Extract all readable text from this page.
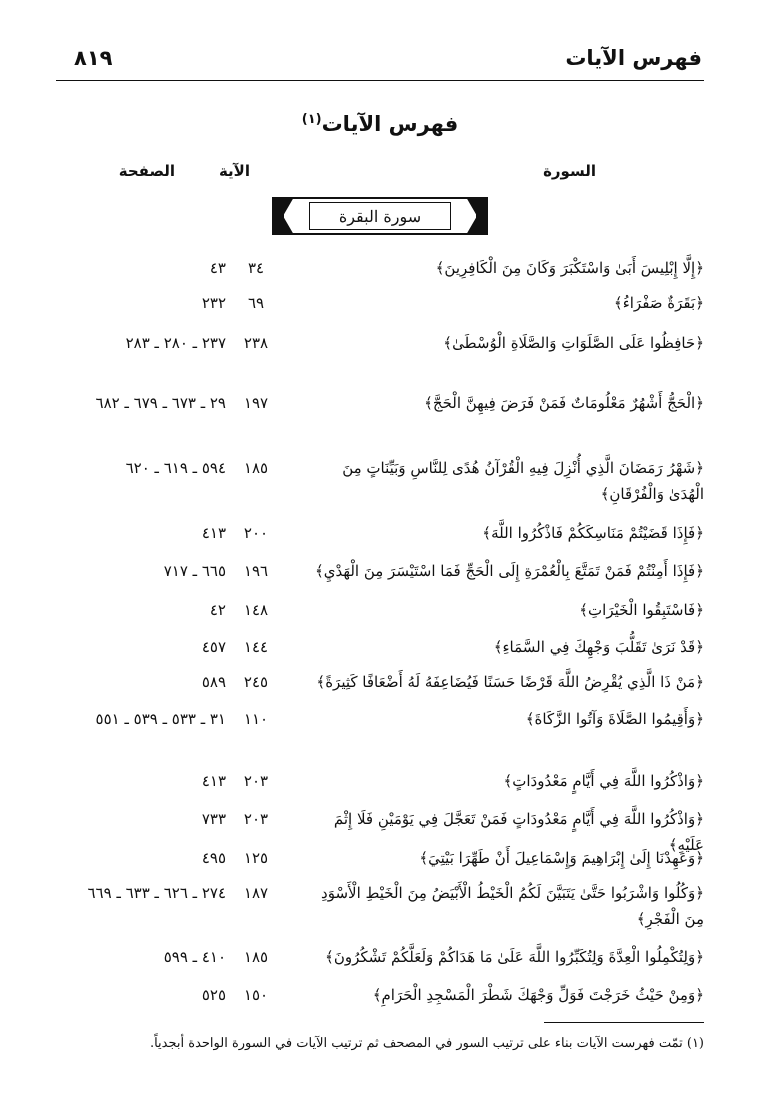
فهرس الآيات
٨١٩
فهرس الآيات$^{(١)}$
السورة
الآية
الصفحة
سورة البقرة
﴿إِلَّا إِبْلِيسَ أَبَىٰ وَاسْتَكْبَرَ وَكَانَ مِنَ الْكَافِرِينَ﴾
٣٤
٤٣
﴿بَقَرَةٌ صَفْرَاءُ﴾
٦٩
٢٣٢
﴿حَافِظُوا عَلَى الصَّلَوَاتِ وَالصَّلَاةِ الْوُسْطَىٰ﴾
٢٣٨
٢٣٧ ـ ٢٨٠ ـ ٢٨٣
﴿الْحَجُّ أَشْهُرٌ مَعْلُومَاتٌ فَمَنْ فَرَضَ فِيهِنَّ الْحَجَّ﴾
١٩٧
٢٩ ـ ٦٧٣ ـ ٦٧٩ ـ ٦٨٢
﴿شَهْرُ رَمَضَانَ الَّذِي أُنْزِلَ فِيهِ الْقُرْآنُ هُدًى لِلنَّاسِ وَبَيِّنَاتٍ مِنَ الْهُدَىٰ وَالْفُرْقَانِ﴾
١٨٥
٥٩٤ ـ ٦١٩ ـ ٦٢٠
﴿فَإِذَا قَضَيْتُمْ مَنَاسِكَكُمْ فَاذْكُرُوا اللَّهَ﴾
٢٠٠
٤١٣
﴿فَإِذَا أَمِنْتُمْ فَمَنْ تَمَتَّعَ بِالْعُمْرَةِ إِلَى الْحَجِّ فَمَا اسْتَيْسَرَ مِنَ الْهَدْيِ﴾
١٩٦
٦٦٥ ـ ٧١٧
﴿فَاسْتَبِقُوا الْخَيْرَاتِ﴾
١٤٨
٤٢
﴿قَدْ نَرَىٰ تَقَلُّبَ وَجْهِكَ فِي السَّمَاءِ﴾
١٤٤
٤٥٧
﴿مَنْ ذَا الَّذِي يُقْرِضُ اللَّهَ قَرْضًا حَسَنًا فَيُضَاعِفَهُ لَهُ أَضْعَافًا كَثِيرَةً﴾
٢٤٥
٥٨٩
﴿وَأَقِيمُوا الصَّلَاةَ وَآتُوا الزَّكَاةَ﴾
١١٠
٣١ ـ ٥٣٣ ـ ٥٣٩ ـ ٥٥١
﴿وَاذْكُرُوا اللَّهَ فِي أَيَّامٍ مَعْدُودَاتٍ﴾
٢٠٣
٤١٣
﴿وَاذْكُرُوا اللَّهَ فِي أَيَّامٍ مَعْدُودَاتٍ فَمَنْ تَعَجَّلَ فِي يَوْمَيْنِ فَلَا إِثْمَ عَلَيْهِ﴾
٢٠٣
٧٣٣
﴿وَعَهِدْنَا إِلَىٰ إِبْرَاهِيمَ وَإِسْمَاعِيلَ أَنْ طَهِّرَا بَيْتِيَ﴾
١٢٥
٤٩٥
﴿وَكُلُوا وَاشْرَبُوا حَتَّىٰ يَتَبَيَّنَ لَكُمُ الْخَيْطُ الْأَبْيَضُ مِنَ الْخَيْطِ الْأَسْوَدِ مِنَ الْفَجْرِ﴾
١٨٧
٢٧٤ ـ ٦٢٦ ـ ٦٣٣ ـ ٦٦٩
﴿وَلِتُكْمِلُوا الْعِدَّةَ وَلِتُكَبِّرُوا اللَّهَ عَلَىٰ مَا هَدَاكُمْ وَلَعَلَّكُمْ تَشْكُرُونَ﴾
١٨٥
٤١٠ ـ ٥٩٩
﴿وَمِنْ حَيْثُ خَرَجْتَ فَوَلِّ وَجْهَكَ شَطْرَ الْمَسْجِدِ الْحَرَامِ﴾
١٥٠
٥٢٥
(١) تمّت فهرست الآيات بناء على ترتيب السور في المصحف ثم ترتيب الآيات في السورة الواحدة أبجدياً.
